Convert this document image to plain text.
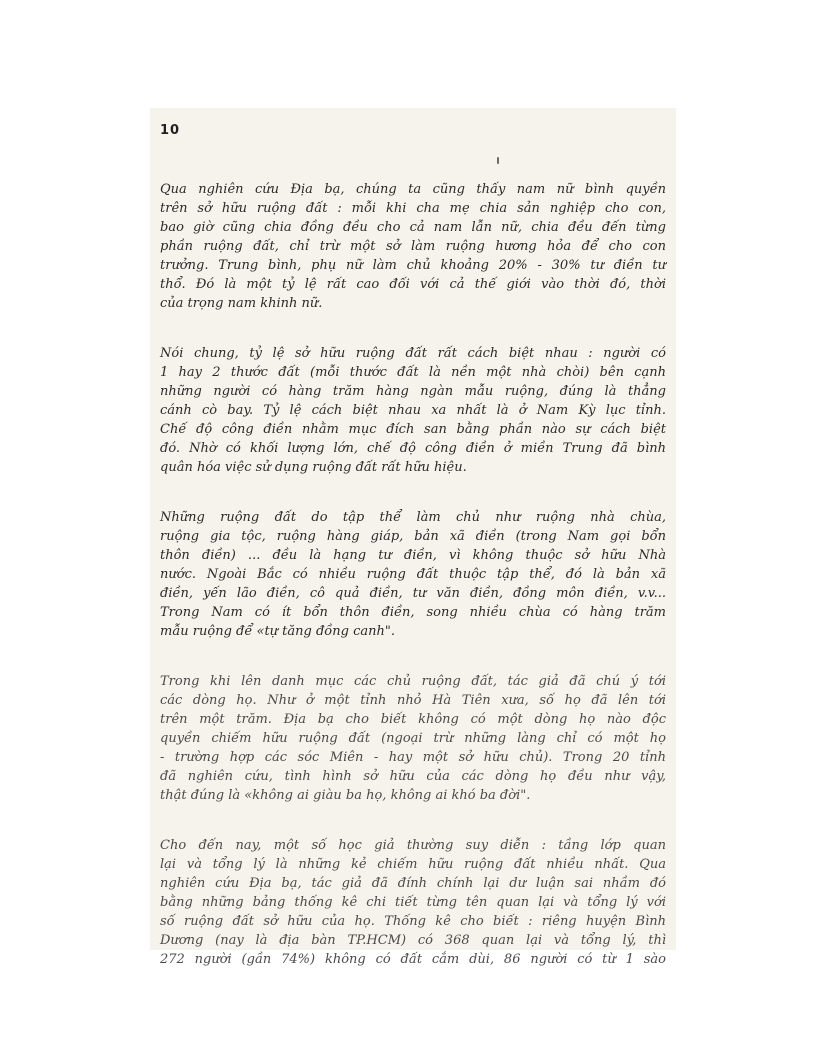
10
Qua nghiên cứu Địa bạ, chúng ta cũng thấy nam nữ bình quyền
trên sở hữu ruộng đất : mỗi khi cha mẹ chia sản nghiệp cho con,
bao giờ cũng chia đồng đều cho cả nam lẫn nữ, chia đều đến từng
phần ruộng đất, chỉ trừ một sở làm ruộng hương hỏa để cho con
trưởng. Trung bình, phụ nữ làm chủ khoảng 20% - 30% tư điền tư
thổ. Đó là một tỷ lệ rất cao đối với cả thế giới vào thời đó, thời
của trọng nam khinh nữ.
Nói chung, tỷ lệ sở hữu ruộng đất rất cách biệt nhau : người có
1 hay 2 thước đất (mỗi thước đất là nền một nhà chòi) bên cạnh
những người có hàng trăm hàng ngàn mẫu ruộng, đúng là thẳng
cánh cò bay. Tỷ lệ cách biệt nhau xa nhất là ở Nam Kỳ lục tỉnh.
Chế độ công điền nhằm mục đích san bằng phần nào sự cách biệt
đó. Nhờ có khối lượng lớn, chế độ công điền ở miền Trung đã bình
quân hóa việc sử dụng ruộng đất rất hữu hiệu.
Những ruộng đất do tập thể làm chủ như ruộng nhà chùa,
ruộng gia tộc, ruộng hàng giáp, bản xã điền (trong Nam gọi bổn
thôn điền) ... đều là hạng tư điền, vì không thuộc sở hữu Nhà
nước. Ngoài Bắc có nhiều ruộng đất thuộc tập thể, đó là bản xã
điền, yến lão điền, cô quả điền, tư văn điền, đồng môn điền, v.v...
Trong Nam có ít bổn thôn điền, song nhiều chùa có hàng trăm
mẫu ruộng để «tự tăng đồng canh".
Trong khi lên danh mục các chủ ruộng đất, tác giả đã chú ý tới
các dòng họ. Như ở một tỉnh nhỏ Hà Tiên xưa, số họ đã lên tới
trên một trăm. Địa bạ cho biết không có một dòng họ nào độc
quyền chiếm hữu ruộng đất (ngoại trừ những làng chỉ có một họ
- trường hợp các sóc Miên - hay một sở hữu chủ). Trong 20 tỉnh
đã nghiên cứu, tình hình sở hữu của các dòng họ đều như vậy,
thật đúng là «không ai giàu ba họ, không ai khó ba đời".
Cho đến nay, một số học giả thường suy diễn : tầng lớp quan
lại và tổng lý là những kẻ chiếm hữu ruộng đất nhiều nhất. Qua
nghiên cứu Địa bạ, tác giả đã đính chính lại dư luận sai nhầm đó
bằng những bảng thống kê chi tiết từng tên quan lại và tổng lý với
số ruộng đất sở hữu của họ. Thống kê cho biết : riêng huyện Bình
Dương (nay là địa bàn TP.HCM) có 368 quan lại và tổng lý, thì
272 người (gần 74%) không có đất cắm dùi, 86 người có từ 1 sào
